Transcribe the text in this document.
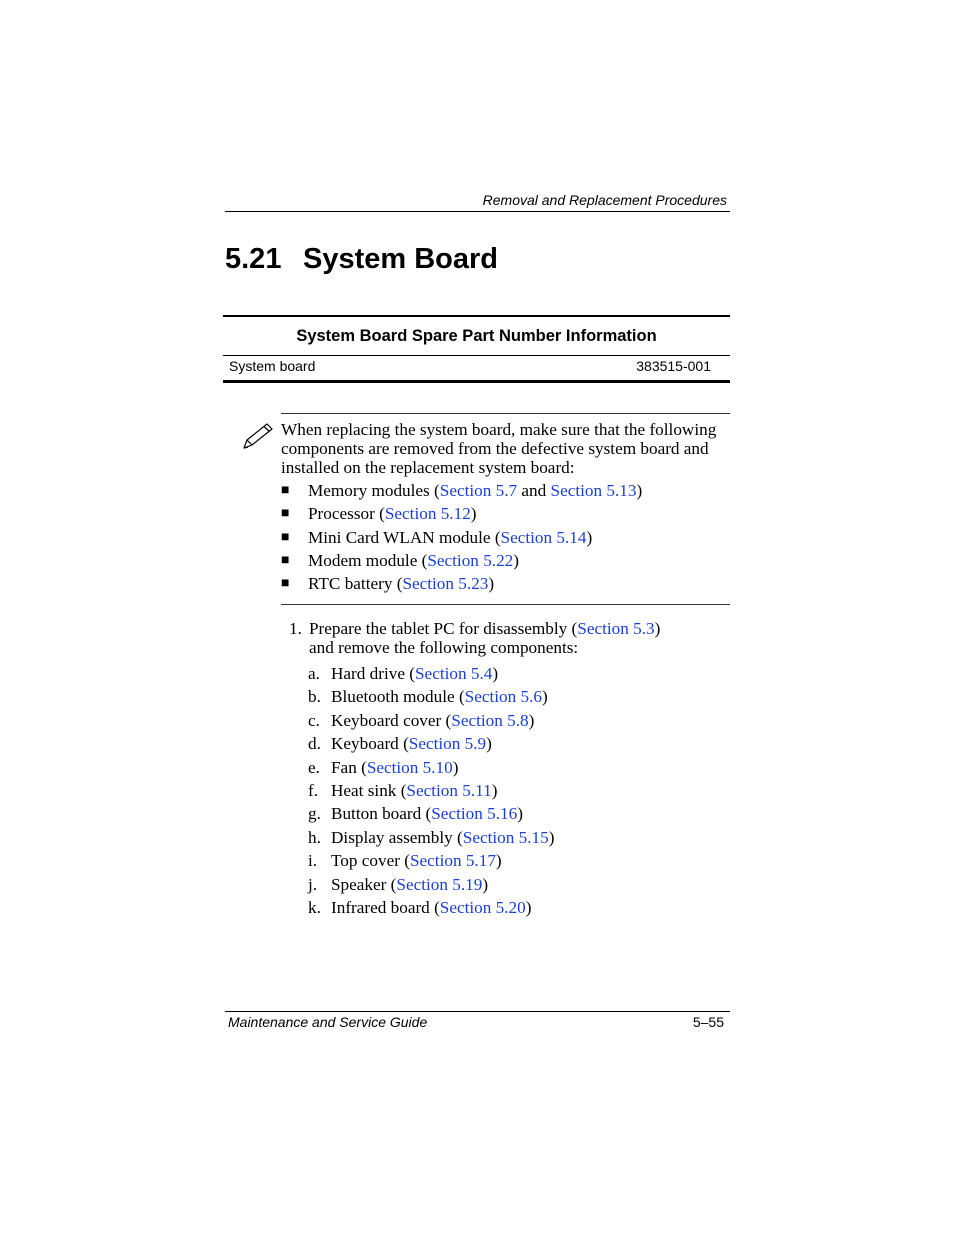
Removal and Replacement Procedures
5.21 System Board
System Board Spare Part Number Information
System board	383515-001
When replacing the system board, make sure that the following components are removed from the defective system board and installed on the replacement system board:
■	Memory modules (Section 5.7 and Section 5.13)
■	Processor (Section 5.12)
■	Mini Card WLAN module (Section 5.14)
■	Modem module (Section 5.22)
■	RTC battery (Section 5.23)
1. Prepare the tablet PC for disassembly (Section 5.3)
and remove the following components:
a. Hard drive (Section 5.4)
b. Bluetooth module (Section 5.6)
c. Keyboard cover (Section 5.8)
d. Keyboard (Section 5.9)
e. Fan (Section 5.10)
f. Heat sink (Section 5.11)
g. Button board (Section 5.16)
h. Display assembly (Section 5.15)
i. Top cover (Section 5.17)
j. Speaker (Section 5.19)
k. Infrared board (Section 5.20)
Maintenance and Service Guide	5–55
